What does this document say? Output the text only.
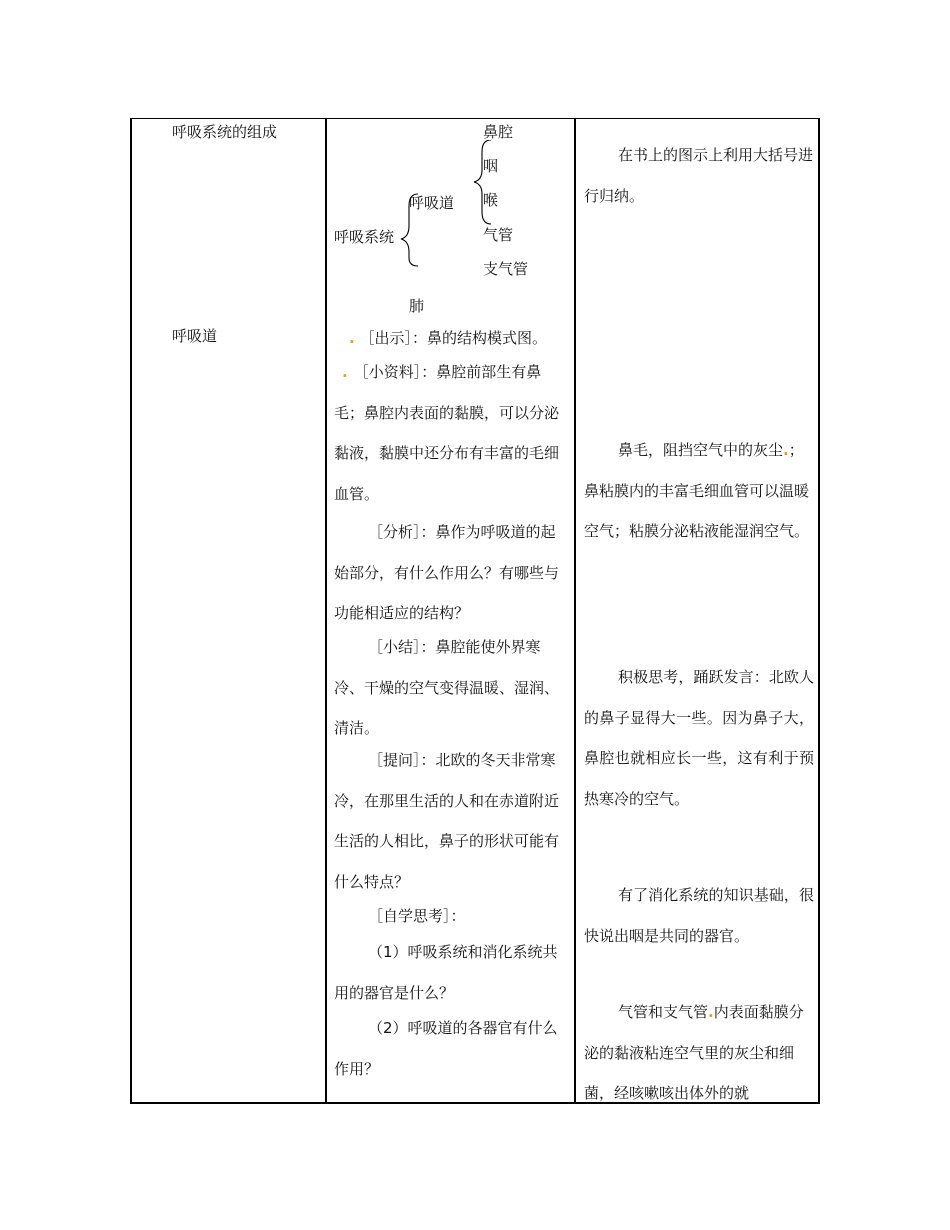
呼吸系统的组成
呼吸道
鼻腔
咽
喉
气管
支气管
呼吸道
呼吸系统
肺
. ［出示］：鼻的结构模式图。
. ［小资料］：鼻腔前部生有鼻毛；鼻腔内表面的黏膜，可以分泌黏液，黏膜中还分布有丰富的毛细血管。
［分析］：鼻作为呼吸道的起始部分，有什么作用么？有哪些与功能相适应的结构？
［小结］：鼻腔能使外界寒冷、干燥的空气变得温暖、湿润、清洁。
［提问］：北欧的冬天非常寒冷，在那里生活的人和在赤道附近生活的人相比，鼻子的形状可能有什么特点？
［自学思考］：
（1）呼吸系统和消化系统共用的器官是什么？
（2）呼吸道的各器官有什么作用？
在书上的图示上利用大括号进行归纳。
鼻毛，阻挡空气中的灰尘.；鼻粘膜内的丰富毛细血管可以温暖空气；粘膜分泌粘液能湿润空气。
积极思考，踊跃发言：北欧人的鼻子显得大一些。因为鼻子大，鼻腔也就相应长一些，这有利于预热寒冷的空气。
有了消化系统的知识基础，很快说出咽是共同的器官。
气管和支气管.内表面黏膜分泌的黏液粘连空气里的灰尘和细菌，经咳嗽咳出体外的就
